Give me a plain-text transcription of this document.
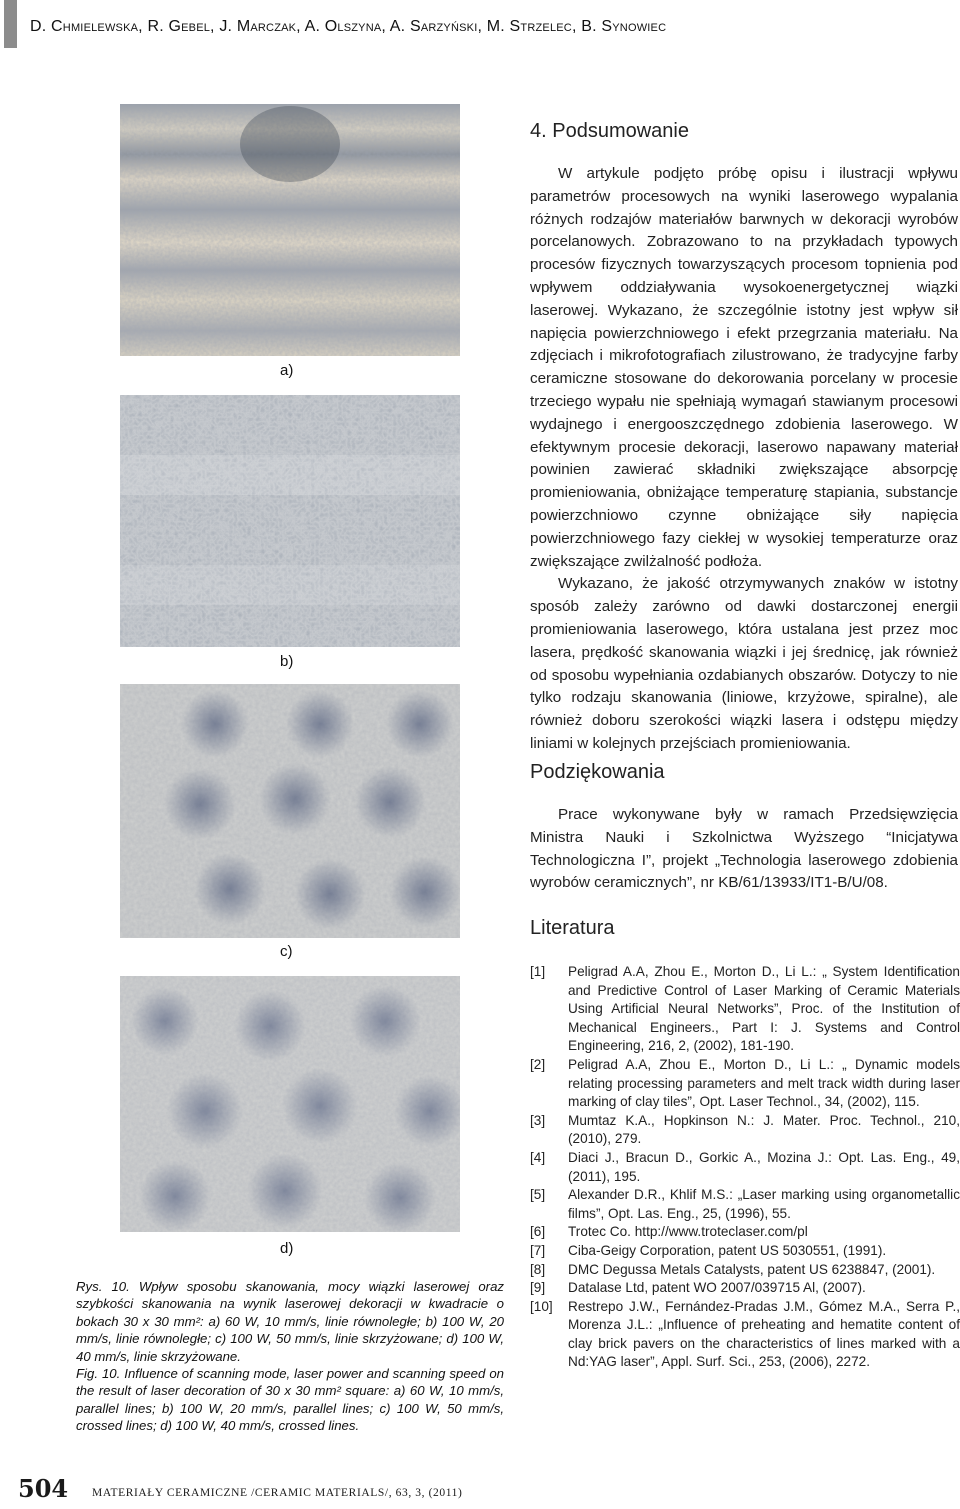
D. Chmielewska, R. Gebel, J. Marczak, A. Olszyna, A. Sarzyński, M. Strzelec, B. Synowiec
a)
b)
c)
d)

Rys. 10. Wpływ sposobu skanowania, mocy wiązki laserowej oraz szybkości skanowania na wynik laserowej dekoracji w kwadracie o bokach 30 x 30 mm²: a) 60 W, 10 mm/s, linie równoległe; b) 100 W, 20 mm/s, linie równoległe; c) 100 W, 50 mm/s, linie skrzyżowane; d) 100 W, 40 mm/s, linie skrzyżowane.

Fig. 10. Influence of scanning mode, laser power and scanning speed on the result of laser decoration of 30 x 30 mm² square: a) 60 W, 10 mm/s, parallel lines; b) 100 W, 20 mm/s, parallel lines; c) 100 W, 50 mm/s, crossed lines; d) 100 W, 40 mm/s, crossed lines.

4. Podsumowanie

W artykule podjęto próbę opisu i ilustracji wpływu parametrów procesowych na wyniki laserowego wypalania różnych rodzajów materiałów barwnych w dekoracji wyrobów porcelanowych. Zobrazowano to na przykładach typowych procesów fizycznych towarzyszących procesom topnienia pod wpływem oddziaływania wysokoenergetycznej wiązki laserowej. Wykazano, że szczególnie istotny jest wpływ sił napięcia powierzchniowego i efekt przegrzania materiału. Na zdjęciach i mikrofotografiach zilustrowano, że tradycyjne farby ceramiczne stosowane do dekorowania porcelany w procesie trzeciego wypału nie spełniają wymagań stawianym procesowi wydajnego i energooszczędnego zdobienia laserowego. W efektywnym procesie dekoracji, laserowo napawany materiał powinien zawierać składniki zwiększające absorpcję promieniowania, obniżające temperaturę stapiania, substancje powierzchniowo czynne obniżające siły napięcia powierzchniowego fazy ciekłej w wysokiej temperaturze oraz zwiększające zwilżalność podłoża.

Wykazano, że jakość otrzymywanych znaków w istotny sposób zależy zarówno od dawki dostarczonej energii promieniowania laserowego, która ustalana jest przez moc lasera, prędkość skanowania wiązki i jej średnicę, jak również od sposobu wypełniania ozdabianych obszarów. Dotyczy to nie tylko rodzaju skanowania (liniowe, krzyżowe, spiralne), ale również doboru szerokości wiązki lasera i odstępu między liniami w kolejnych przejściach promieniowania.

Podziękowania

Prace wykonywane były w ramach Przedsięwzięcia Ministra Nauki i Szkolnictwa Wyższego “Inicjatywa Technologiczna I”, projekt „Technologia laserowego zdobienia wyrobów ceramicznych”, nr KB/61/13933/IT1-B/U/08.

Literatura
[1]	Peligrad A.A, Zhou E., Morton D., Li L.: „ System Identification and Predictive Control of Laser Marking of Ceramic Materials Using Artificial Neural Networks”, Proc. of the Institution of Mechanical Engineers., Part I: J. Systems and Control Engineering, 216, 2, (2002), 181-190.
[2]	Peligrad A.A, Zhou E., Morton D., Li L.: „ Dynamic models relating processing parameters and melt track width during laser marking of clay tiles”, Opt. Laser Technol., 34, (2002), 115.
[3]	Mumtaz K.A., Hopkinson N.: J. Mater. Proc. Technol., 210, (2010), 279.
[4]	Diaci J., Bracun D., Gorkic A., Mozina J.: Opt. Las. Eng., 49, (2011), 195.
[5]	Alexander D.R., Khlif M.S.: „Laser marking using organometallic films”, Opt. Las. Eng., 25, (1996), 55.
[6]	Trotec Co. http://www.troteclaser.com/pl
[7]	Ciba-Geigy Corporation, patent US 5030551, (1991).
[8]	DMC Degussa Metals Catalysts, patent US 6238847, (2001).
[9]	Datalase Ltd, patent WO 2007/039715 Al, (2007).
[10]	Restrepo J.W., Fernández-Pradas J.M., Gómez M.A., Serra P., Morenza J.L.: „Influence of preheating and hematite content of clay brick pavers on the characteristics of lines marked with a Nd:YAG laser”, Appl. Surf. Sci., 253, (2006), 2272.
504 MATERIAŁY CERAMICZNE /CERAMIC MATERIALS/, 63, 3, (2011)
